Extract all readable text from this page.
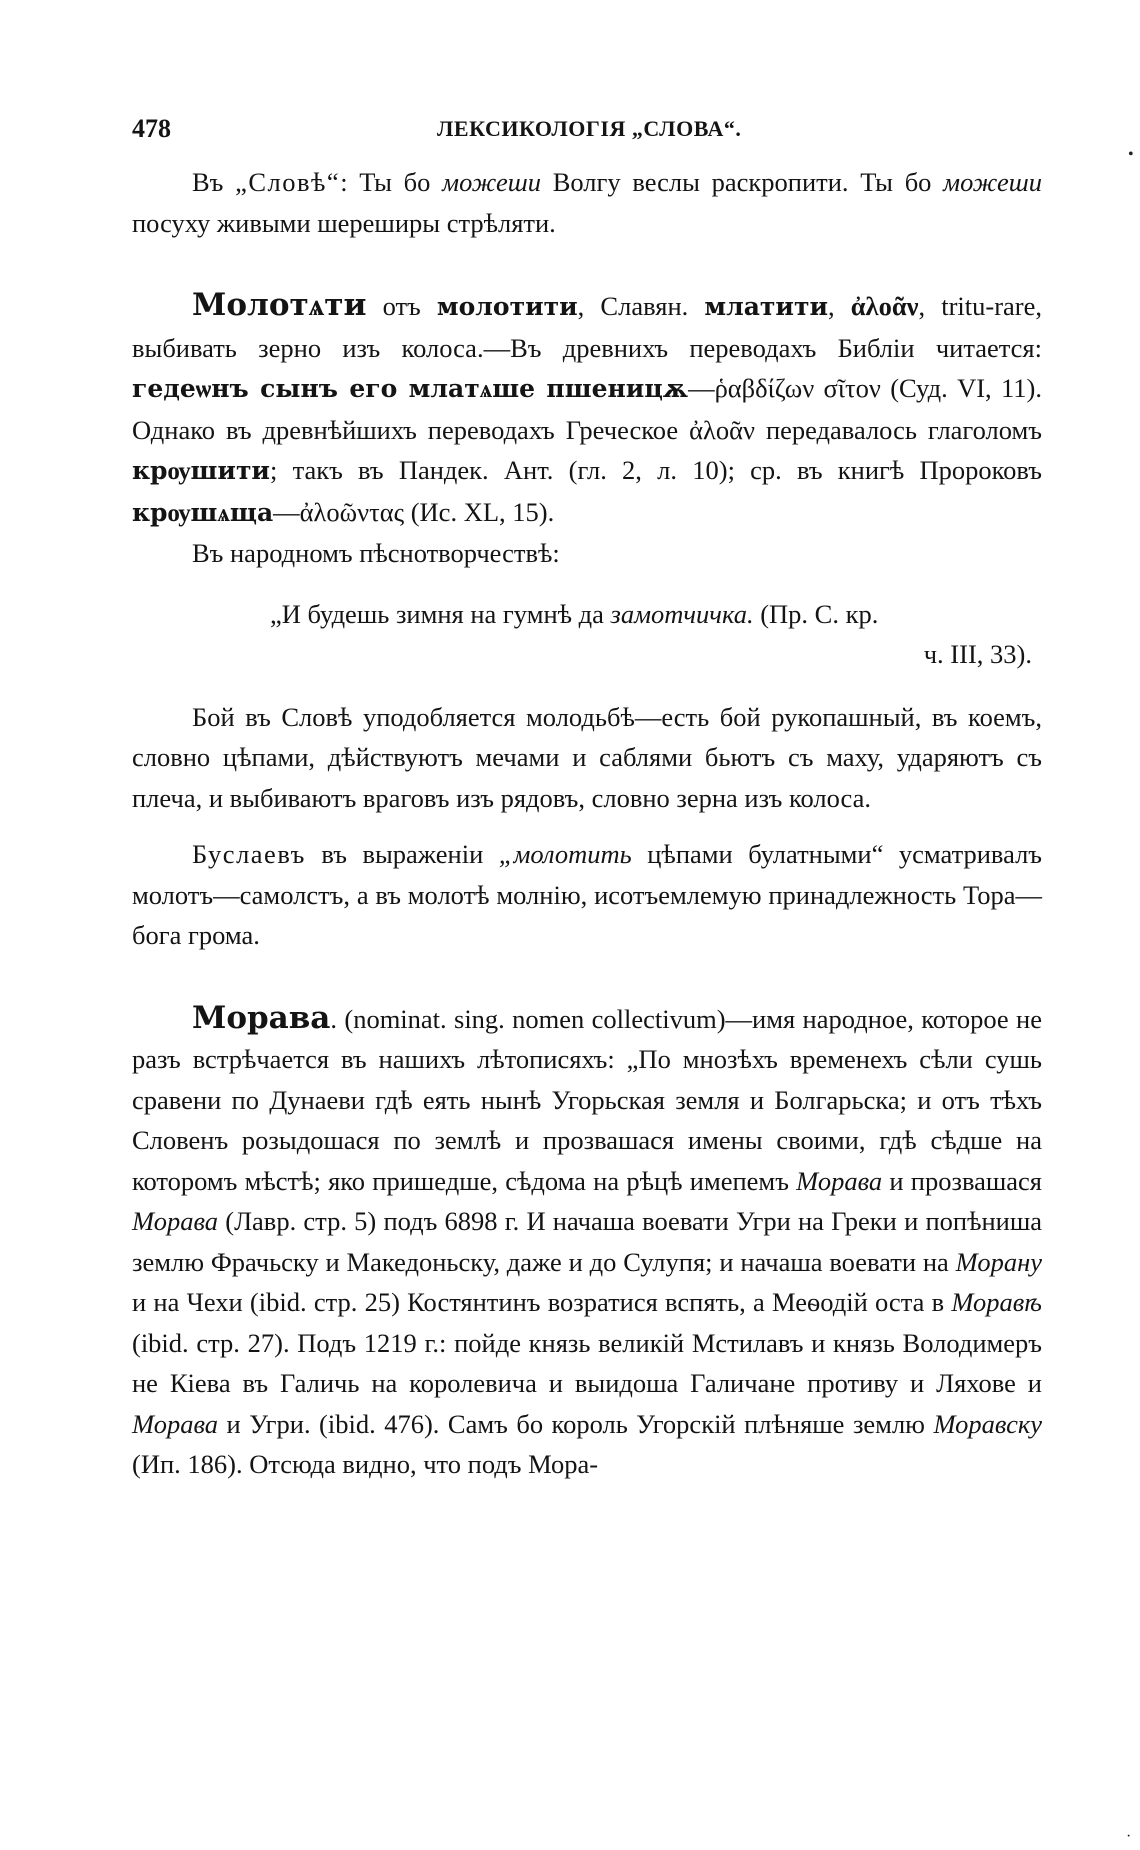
478	ЛЕКСИКОЛОГІЯ „СЛОВА“.
•
·

Въ „Словѣ“: Ты бо можеши Волгу веслы раскропити. Ты бо можеши посуху живыми шереширы стрѣляти.

Молотѧти отъ молотити, Славян. млатити, ἀλοᾶν, tritu-rare, выбивать зерно изъ колоса.—Въ древнихъ переводахъ Библіи читается: гедеѡнъ сынъ его млатѧше пшеницѫ—ῥαβδίζων σῖτον (Суд. VI, 11). Однако въ древнѣйшихъ переводахъ Греческое ἀλοᾶν передавалось глаголомъ крѹшити; такъ въ Пандек. Ант. (гл. 2, л. 10); ср. въ книгѣ Пророковъ крѹшѧща—ἀλοῶντας (Ис. XL, 15).

Въ народномъ пѣснотворчествѣ:

„И будешь зимня на гумнѣ да замотчичка. (Пр. С. кр.
ч. III, 33).

Бой въ Словѣ уподобляется молодьбѣ—есть бой рукопашный, въ коемъ, словно цѣпами, дѣйствуютъ мечами и саблями бьютъ съ маху, ударяютъ съ плеча, и выбиваютъ враговъ изъ рядовъ, словно зерна изъ колоса.

Буслаевъ въ выраженіи „молотить цѣпами булатными“ усматривалъ молотъ—самолстъ, а въ молотѣ молнію, исотъемлемую принадлежность Тора—бога грома.

Морава. (nominat. sing. nomen collectivum)—имя народное, которое не разъ встрѣчается въ нашихъ лѣтописяхъ: „По мнозѣхъ временехъ сѣли сушь сравени по Дунаеви гдѣ еять нынѣ Угорьская земля и Болгарьска; и отъ тѣхъ Словенъ розыдошася по землѣ и прозвашася имены своими, гдѣ сѣдше на которомъ мѣстѣ; яко пришедше, сѣдома на рѣцѣ имепемъ Морава и прозвашася Морава (Лавр. стр. 5) подъ 6898 г. И начаша воевати Угри на Греки и попѣниша землю Фрачьску и Македоньску, даже и до Сулупя; и начаша воевати на Морану и на Чехи (ibid. стр. 25) Костянтинъ возратися вспять, а Меѳодій оста в Моравѣ (ibid. стр. 27). Подъ 1219 г.: пойде князь великій Мстилавъ и князь Володимеръ не Кіева въ Галичь на королевича и выидоша Галичане противу и Ляхове и Морава и Угри. (ibid. 476). Самъ бо король Угорскій плѣняше землю Моравску (Ип. 186). Отсюда видно, что подъ Мора-
